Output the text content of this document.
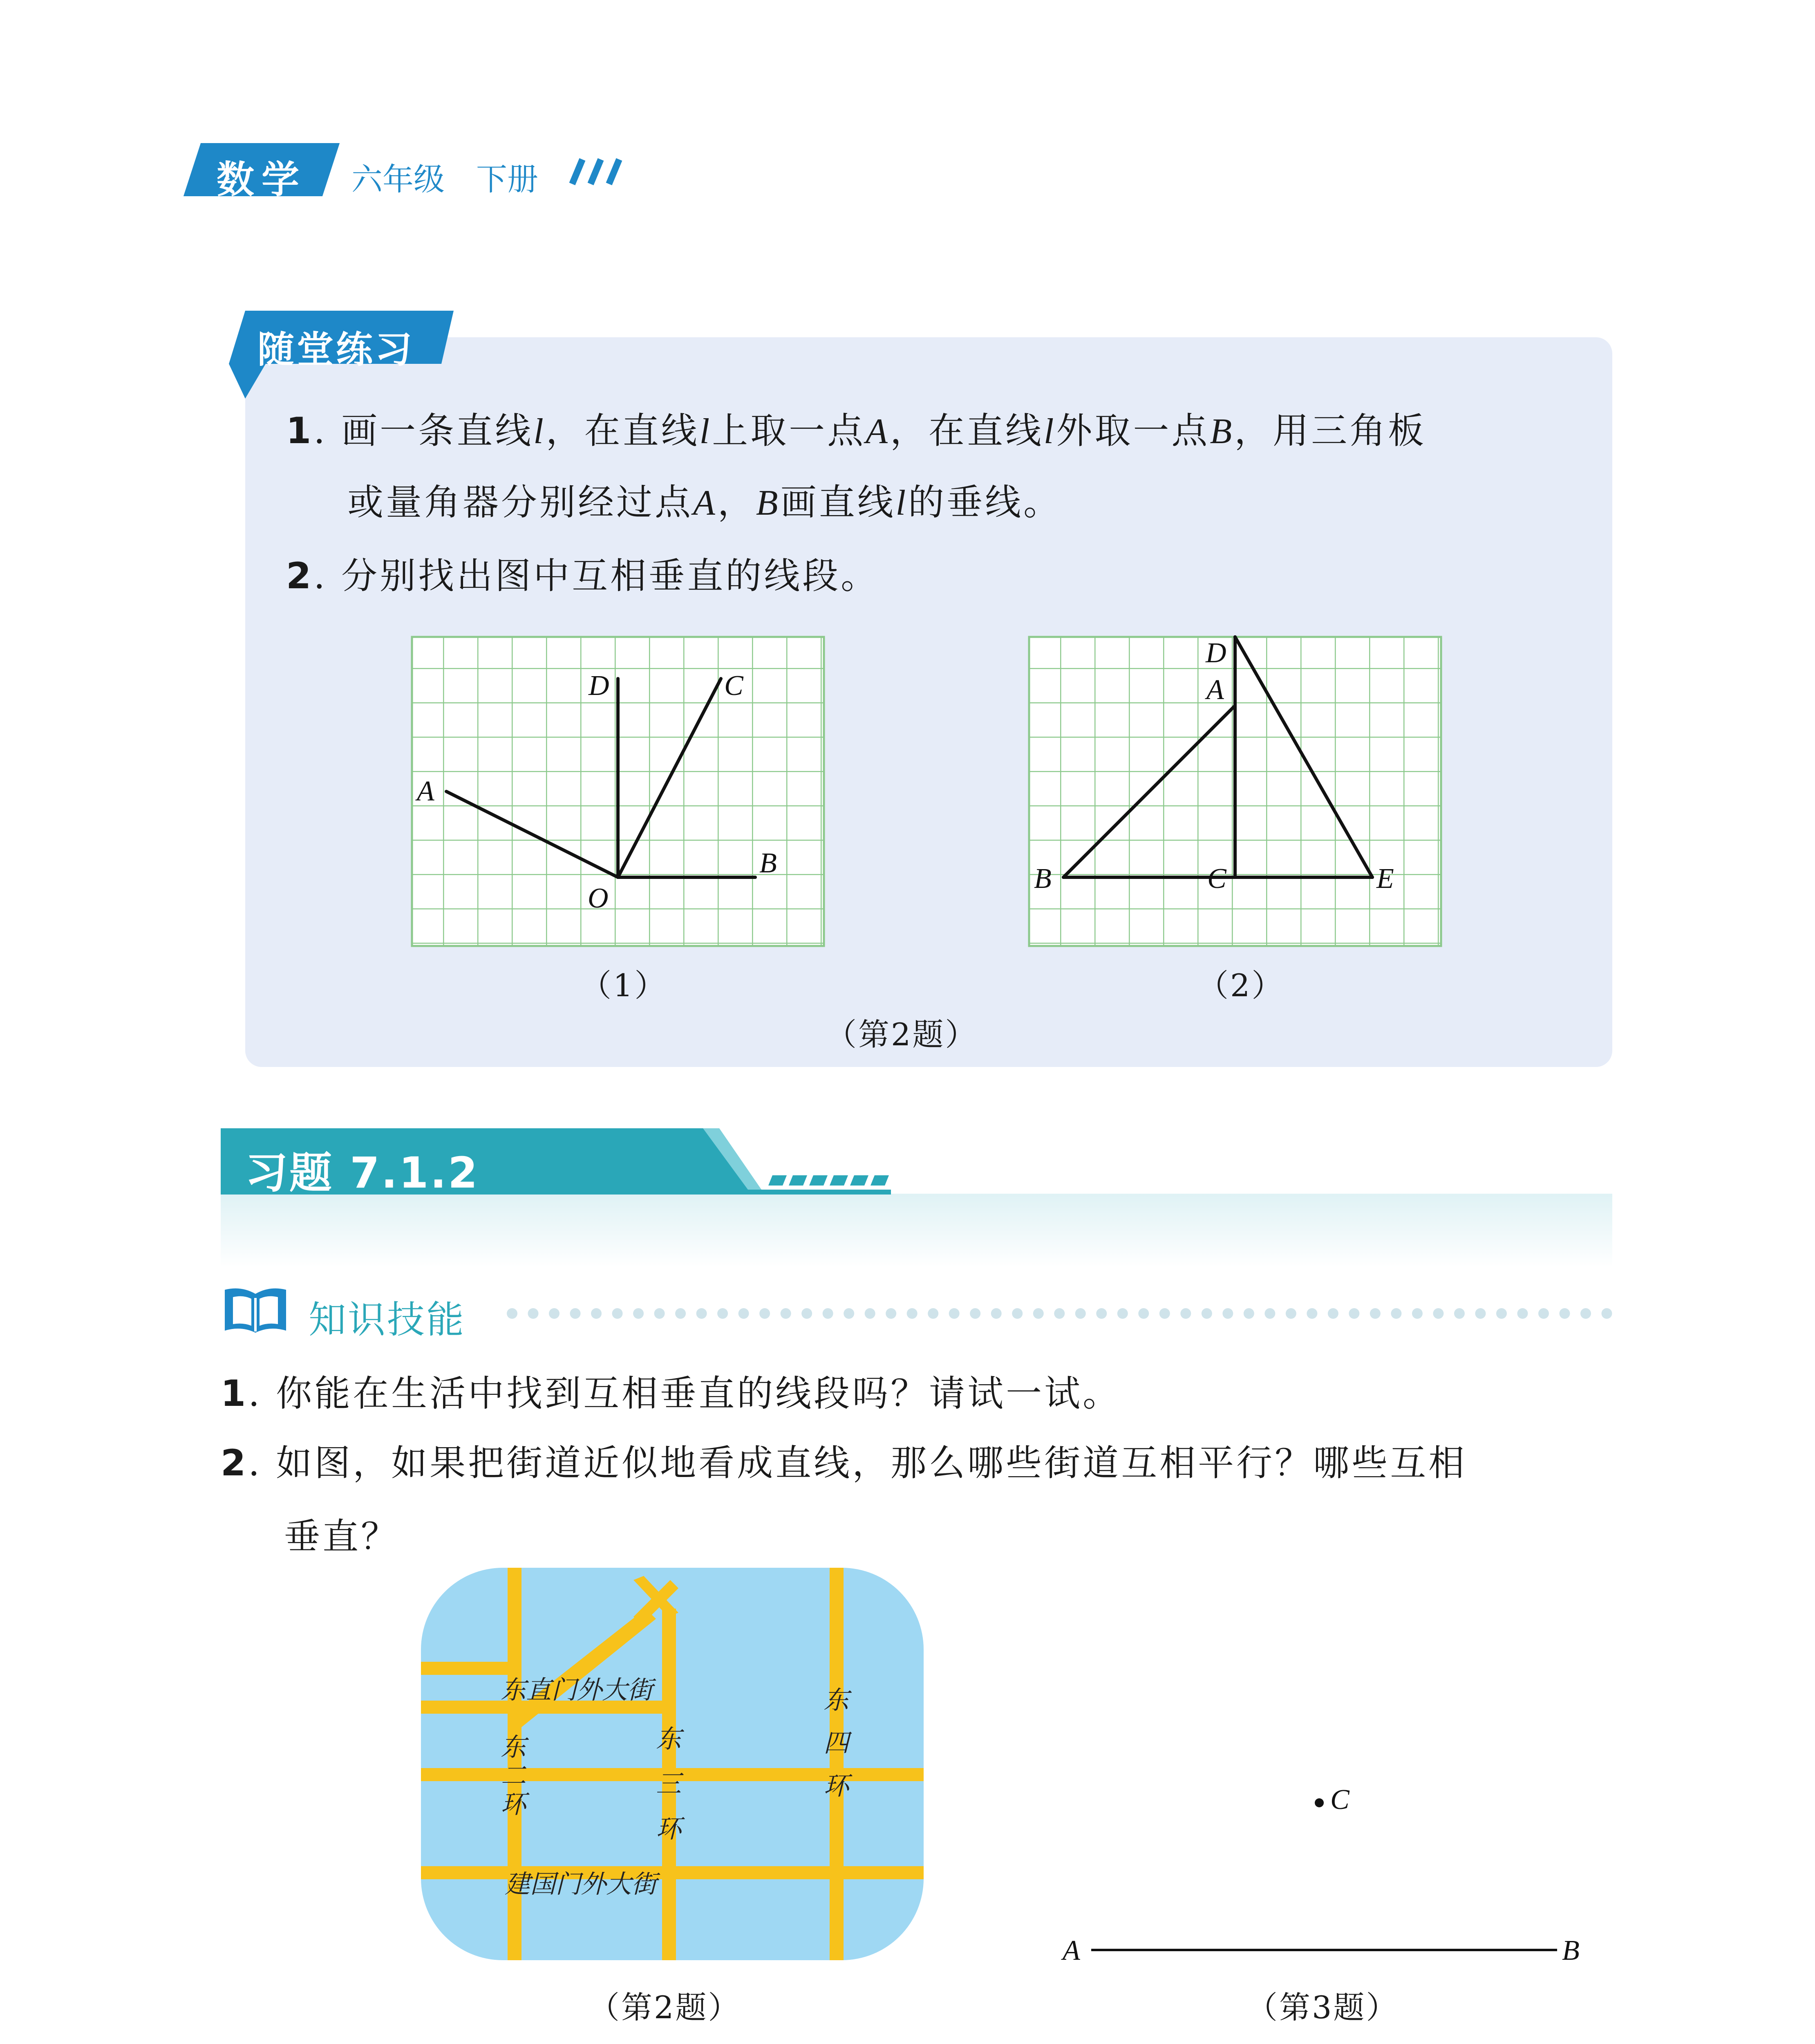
数学 六年级 下册
随堂练习
1. 画一条直线l，在直线l上取一点A，在直线l外取一点B，用三角板
或量角器分别经过点A，B画直线l的垂线。
2. 分别找出图中互相垂直的线段。
D	C
A
B
O
（1）
D
A
B	C	E
（2）
（第2题）
习题 7.1.2
知识技能
1. 你能在生活中找到互相垂直的线段吗？请试一试。
2. 如图，如果把街道近似地看成直线，那么哪些街道互相平行？哪些互相
垂直？
东直门外大街
建国门外大街
东
二
环
东
三
环
东
四
环
（第2题）
C
A	B
（第3题）
